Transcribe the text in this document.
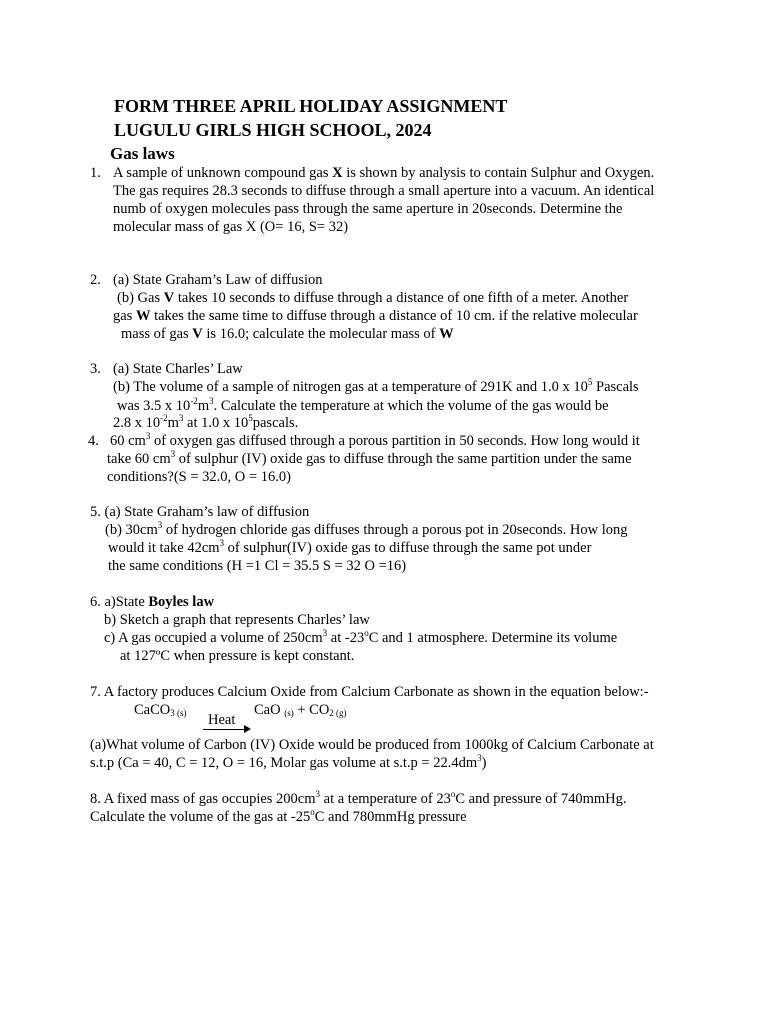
FORM THREE APRIL HOLIDAY ASSIGNMENT
LUGULU GIRLS HIGH SCHOOL, 2024
Gas laws
1. A sample of unknown compound gas X is shown by analysis to contain Sulphur and Oxygen.
The gas requires 28.3 seconds to diffuse through a small aperture into a vacuum. An identical
numb of oxygen molecules pass through the same aperture in 20seconds. Determine the
molecular mass of gas X (O= 16, S= 32)
2. (a) State Graham’s Law of diffusion
(b) Gas V takes 10 seconds to diffuse through a distance of one fifth of a meter. Another
gas W takes the same time to diffuse through a distance of 10 cm. if the relative molecular
mass of gas V is 16.0; calculate the molecular mass of W
3. (a) State Charles’ Law
(b) The volume of a sample of nitrogen gas at a temperature of 291K and 1.0 x $10^5$ Pascals
was 3.5 x $10^{-2}m^3$. Calculate the temperature at which the volume of the gas would be
2.8 x $10^{-2}m^3$ at 1.0 x $10^5pascals$.
4. 60 $cm^3$ of oxygen gas diffused through a porous partition in 50 seconds. How long would it
take 60 $cm^3$ of sulphur (IV) oxide gas to diffuse through the same partition under the same
conditions?(S = 32.0, O = 16.0)
5. (a) State Graham’s law of diffusion
(b) $30cm^3$ of hydrogen chloride gas diffuses through a porous pot in 20seconds. How long
would it take $42cm^3$ of sulphur(IV) oxide gas to diffuse through the same pot under
the same conditions (H =1 Cl = 35.5 S = 32 O =16)
6. a)State Boyles law
b) Sketch a graph that represents Charles’ law
c) A gas occupied a volume of $250cm^3$ at -23$^o$C and 1 atmosphere. Determine its volume
at 127ºC when pressure is kept constant.
7. A factory produces Calcium Oxide from Calcium Carbonate as shown in the equation below:-
CaCO$_{3 (s)}$ Heat
CaO $_{(s)} + CO_{2 (g)}$
(a)What volume of Carbon (IV) Oxide would be produced from 1000kg of Calcium Carbonate at
s.t.p (Ca = 40, C = 12, O = 16, Molar gas volume at $s.t.p = 22.4dm^3$)
8. A fixed mass of gas occupies $200cm^3$ at a temperature of 23$^o$C and pressure of 740mmHg.
Calculate the volume of the gas at -25$^o$C and 780mmHg pressure
